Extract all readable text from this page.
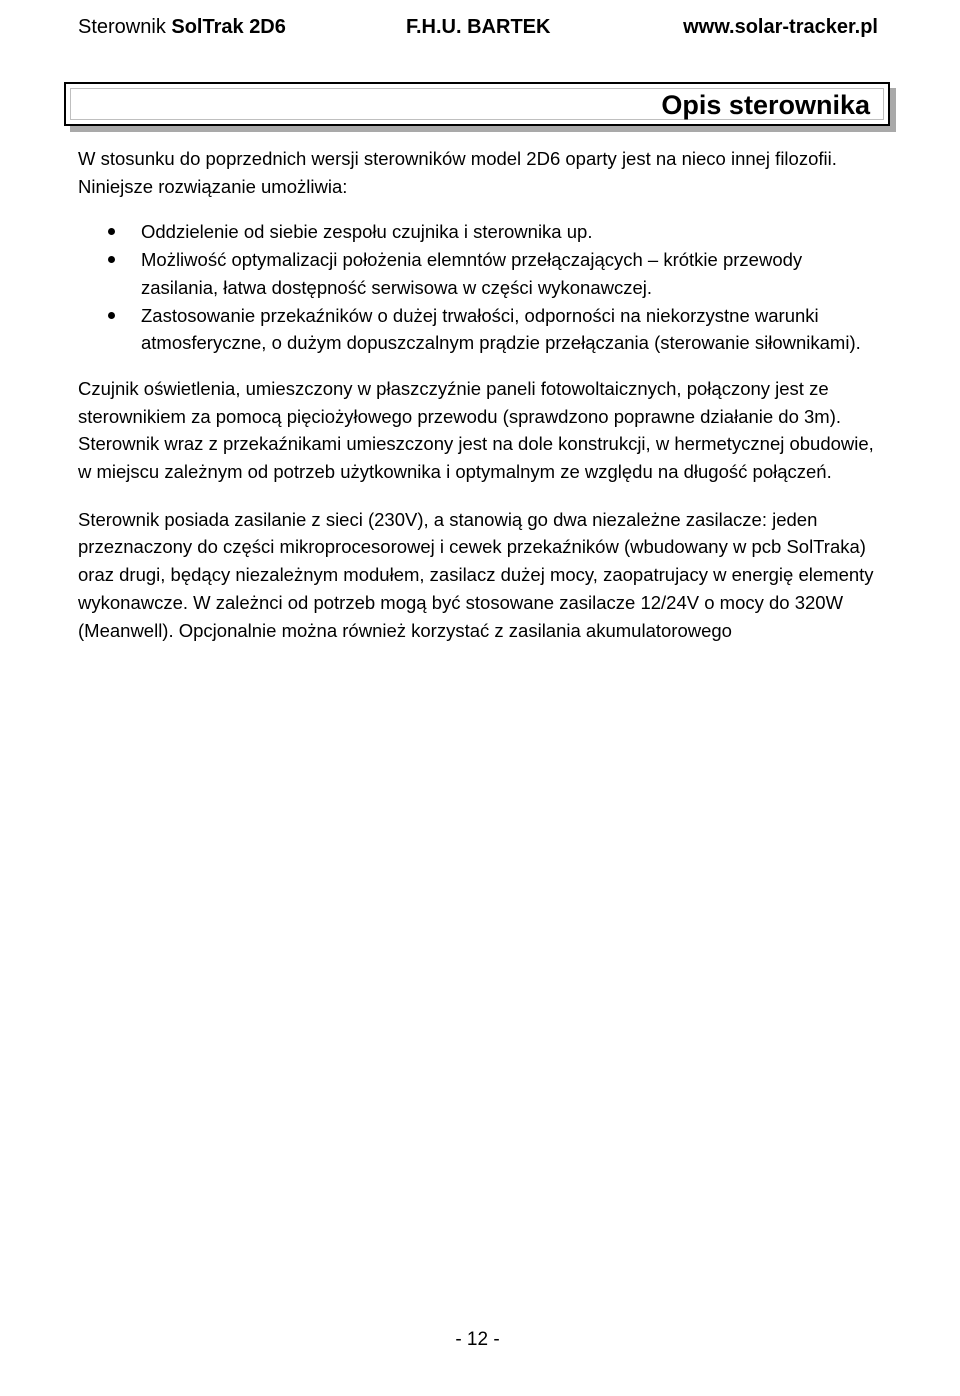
Sterownik SolTrak 2D6	F.H.U. BARTEK	www.solar-tracker.pl
Opis sterownika

W stosunku do poprzednich wersji sterowników model 2D6 oparty jest na nieco innej filozofii. Niniejsze rozwiązanie umożliwia:

Oddzielenie od siebie zespołu czujnika i sterownika up.
Możliwość optymalizacji położenia elemntów przełączających – krótkie przewody zasilania, łatwa dostępność serwisowa w części wykonawczej.
Zastosowanie przekaźników o dużej trwałości, odporności na niekorzystne warunki atmosferyczne, o dużym dopuszczalnym prądzie przełączania (sterowanie siłownikami).

Czujnik oświetlenia, umieszczony w płaszczyźnie paneli fotowoltaicznych, połączony jest ze sterownikiem za pomocą pięciożyłowego przewodu (sprawdzono poprawne działanie do 3m). Sterownik wraz z przekaźnikami umieszczony jest na dole konstrukcji, w hermetycznej obudowie, w miejscu zależnym od potrzeb użytkownika i optymalnym ze względu na długość połączeń.

Sterownik posiada zasilanie z sieci (230V), a stanowią go dwa niezależne zasilacze: jeden przeznaczony do części mikroprocesorowej i cewek przekaźników (wbudowany w pcb SolTraka) oraz drugi, będący niezależnym modułem, zasilacz dużej mocy, zaopatrujacy w energię elementy wykonawcze. W zależnci od potrzeb mogą być stosowane zasilacze 12/24V o mocy do 320W (Meanwell). Opcjonalnie można również korzystać z zasilania akumulatorowego

- 12 -
